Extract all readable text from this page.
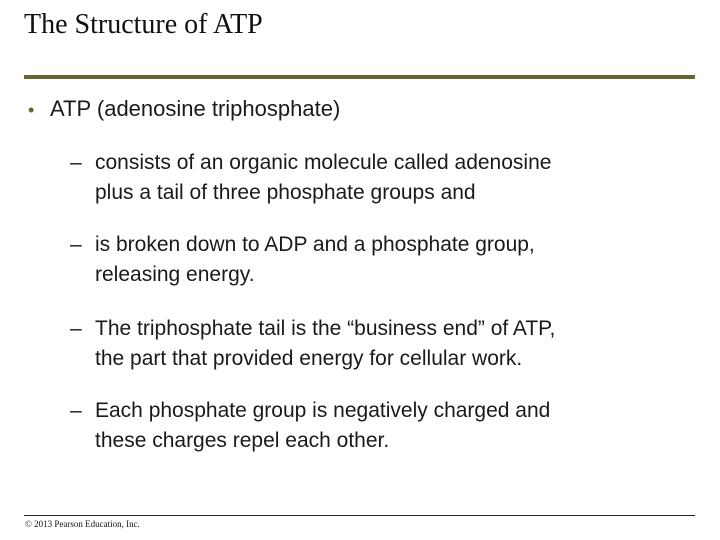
The Structure of ATP
• ATP (adenosine triphosphate)
– consists of an organic molecule called adenosine
plus a tail of three phosphate groups and
– is broken down to ADP and a phosphate group,
releasing energy.
– The triphosphate tail is the “business end” of ATP,
the part that provided energy for cellular work.
– Each phosphate group is negatively charged and
these charges repel each other.
© 2013 Pearson Education, Inc.
